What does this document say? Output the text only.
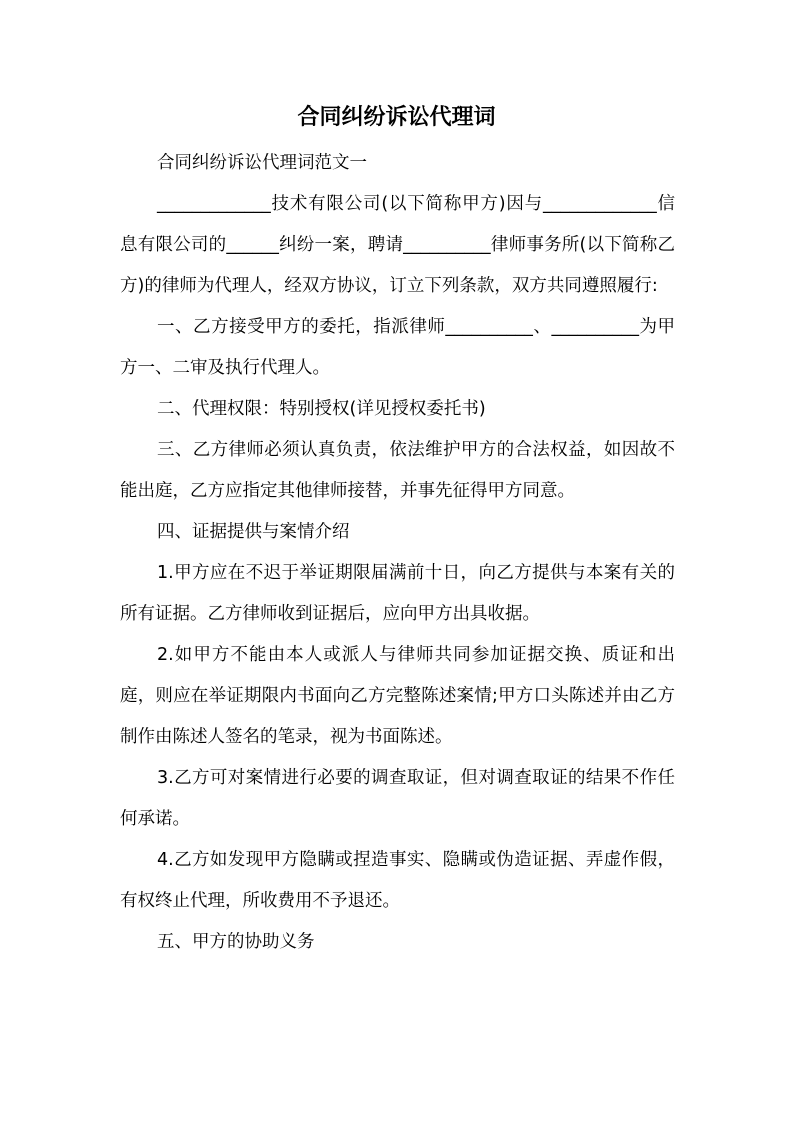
合同纠纷诉讼代理词

合同纠纷诉讼代理词范文一

_____________技术有限公司(以下简称甲方)因与_____________信息有限公司的______纠纷一案，聘请__________律师事务所(以下简称乙方)的律师为代理人，经双方协议，订立下列条款，双方共同遵照履行:

一、乙方接受甲方的委托，指派律师__________、__________为甲方一、二审及执行代理人。

二、代理权限：特别授权(详见授权委托书)

三、乙方律师必须认真负责，依法维护甲方的合法权益，如因故不能出庭，乙方应指定其他律师接替，并事先征得甲方同意。

四、证据提供与案情介绍

1.甲方应在不迟于举证期限届满前十日，向乙方提供与本案有关的所有证据。乙方律师收到证据后，应向甲方出具收据。

2.如甲方不能由本人或派人与律师共同参加证据交换、质证和出庭，则应在举证期限内书面向乙方完整陈述案情;甲方口头陈述并由乙方制作由陈述人签名的笔录，视为书面陈述。

3.乙方可对案情进行必要的调查取证，但对调查取证的结果不作任何承诺。

4.乙方如发现甲方隐瞒或捏造事实、隐瞒或伪造证据、弄虚作假，有权终止代理，所收费用不予退还。

五、甲方的协助义务
